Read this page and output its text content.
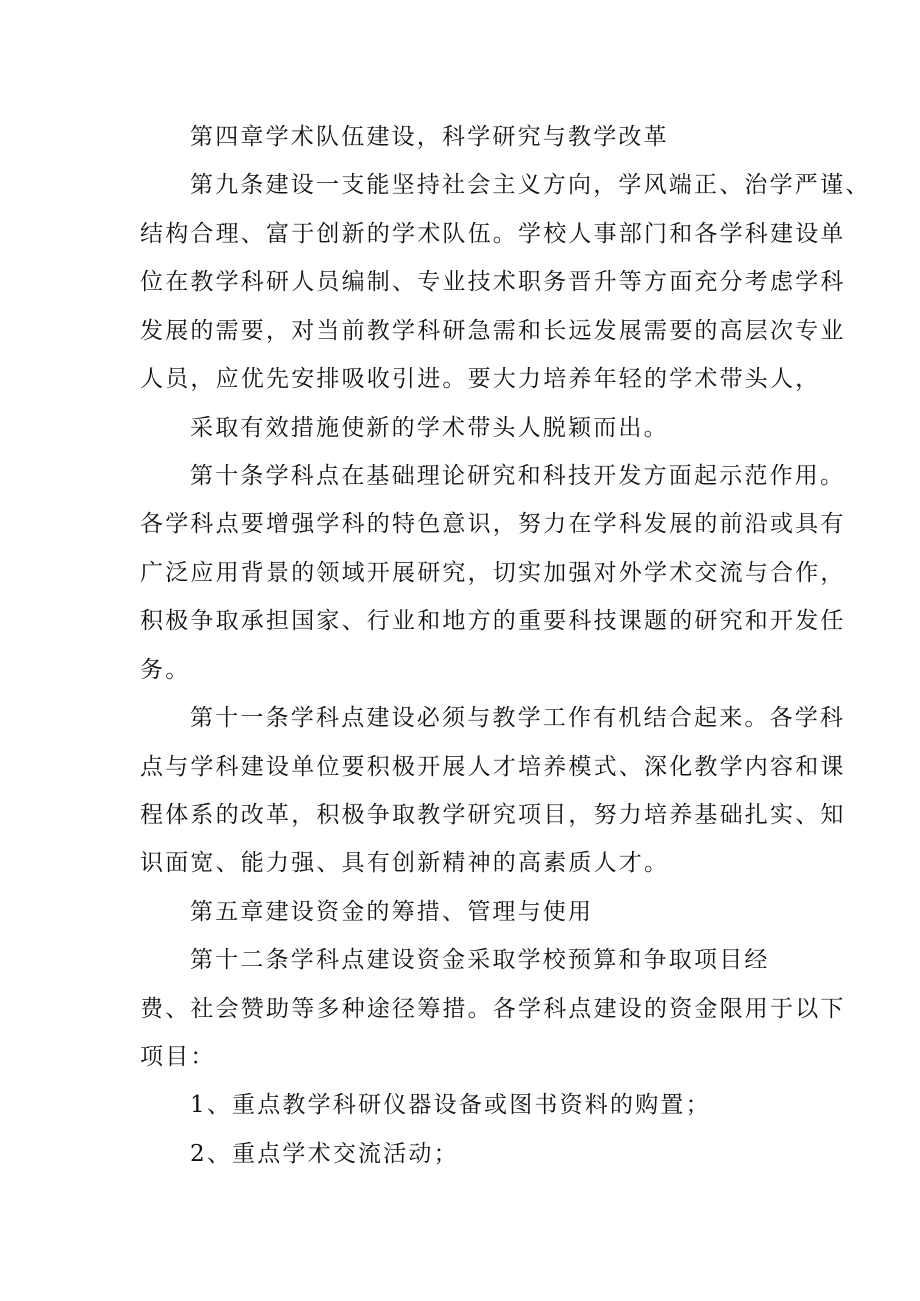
第四章学术队伍建设，科学研究与教学改革
第九条建设一支能坚持社会主义方向，学风端正、治学严谨、
结构合理、富于创新的学术队伍。学校人事部门和各学科建设单
位在教学科研人员编制、专业技术职务晋升等方面充分考虑学科
发展的需要，对当前教学科研急需和长远发展需要的高层次专业
人员，应优先安排吸收引进。要大力培养年轻的学术带头人，
采取有效措施使新的学术带头人脱颖而出。
第十条学科点在基础理论研究和科技开发方面起示范作用。
各学科点要增强学科的特色意识，努力在学科发展的前沿或具有
广泛应用背景的领域开展研究，切实加强对外学术交流与合作，
积极争取承担国家、行业和地方的重要科技课题的研究和开发任
务。
第十一条学科点建设必须与教学工作有机结合起来。各学科
点与学科建设单位要积极开展人才培养模式、深化教学内容和课
程体系的改革，积极争取教学研究项目，努力培养基础扎实、知
识面宽、能力强、具有创新精神的高素质人才。
第五章建设资金的筹措、管理与使用
第十二条学科点建设资金采取学校预算和争取项目经
费、社会赞助等多种途径筹措。各学科点建设的资金限用于以下
项目：
1、重点教学科研仪器设备或图书资料的购置；
2、重点学术交流活动；
